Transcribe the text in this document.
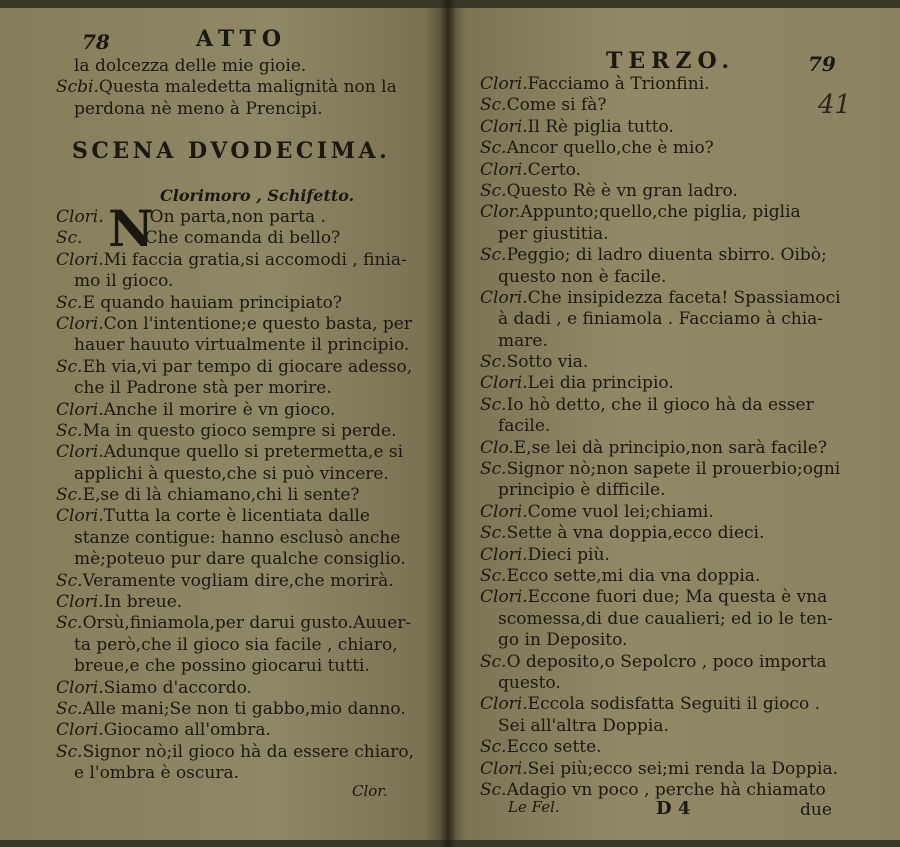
78	ATTO
la dolcezza delle mie gioie.
Scbi.Questa maledetta malignità non la
perdona nè meno à Prencipi.
SCENA DVODECIMA.
Clorimoro , Schifetto.
N
Clori.	On parta,non parta .
Sc.	Che comanda di bello?
Clori.Mi faccia gratia,si accomodi , finia-
mo il gioco.
Sc.E quando hauiam principiato?
Clori.Con l'intentione;e questo basta, per
hauer hauuto virtualmente il principio.
Sc.Eh via,vi par tempo di giocare adesso,
che il Padrone stà per morire.
Clori.Anche il morire è vn gioco.
Sc.Ma in questo gioco sempre si perde.
Clori.Adunque quello si pretermetta,e si
applichi à questo,che si può vincere.
Sc.E,se di là chiamano,chi li sente?
Clori.Tutta la corte è licentiata dalle
stanze contigue: hanno esclusò anche
mè;poteuo pur dare qualche consiglio.
Sc.Veramente vogliam dire,che morirà.
Clori.In breue.
Sc.Orsù,finiamola,per darui gusto.Auuer-
ta però,che il gioco sia facile , chiaro,
breue,e che possino giocarui tutti.
Clori.Siamo d'accordo.
Sc.Alle mani;Se non ti gabbo,mio danno.
Clori.Giocamo all'ombra.
Sc.Signor nò;il gioco hà da essere chiaro,
e l'ombra è oscura.
Clor.
TERZO.	79
41
Clori.Facciamo à Trionfini.
Sc.Come si fà?
Clori.Il Rè piglia tutto.
Sc.Ancor quello,che è mio?
Clori.Certo.
Sc.Questo Rè è vn gran ladro.
Clor.Appunto;quello,che piglia, piglia
per giustitia.
Sc.Peggio; di ladro diuenta sbirro. Oibò;
questo non è facile.
Clori.Che insipidezza faceta! Spassiamoci
à dadi , e finiamola . Facciamo à chia-
mare.
Sc.Sotto via.
Clori.Lei dia principio.
Sc.Io hò detto, che il gioco hà da esser
facile.
Clo.E,se lei dà principio,non sarà facile?
Sc.Signor nò;non sapete il prouerbio;ogni
principio è difficile.
Clori.Come vuol lei;chiami.
Sc.Sette à vna doppia,ecco dieci.
Clori.Dieci più.
Sc.Ecco sette,mi dia vna doppia.
Clori.Eccone fuori due; Ma questa è vna
scomessa,di due caualieri; ed io le ten-
go in Deposito.
Sc.O deposito,o Sepolcro , poco importa
questo.
Clori.Eccola sodisfatta Seguiti il gioco .
Sei all'altra Doppia.
Sc.Ecco sette.
Clori.Sei più;ecco sei;mi renda la Doppia.
Sc.Adagio vn poco , perche hà chiamato
Le Fel.	D 4	due
